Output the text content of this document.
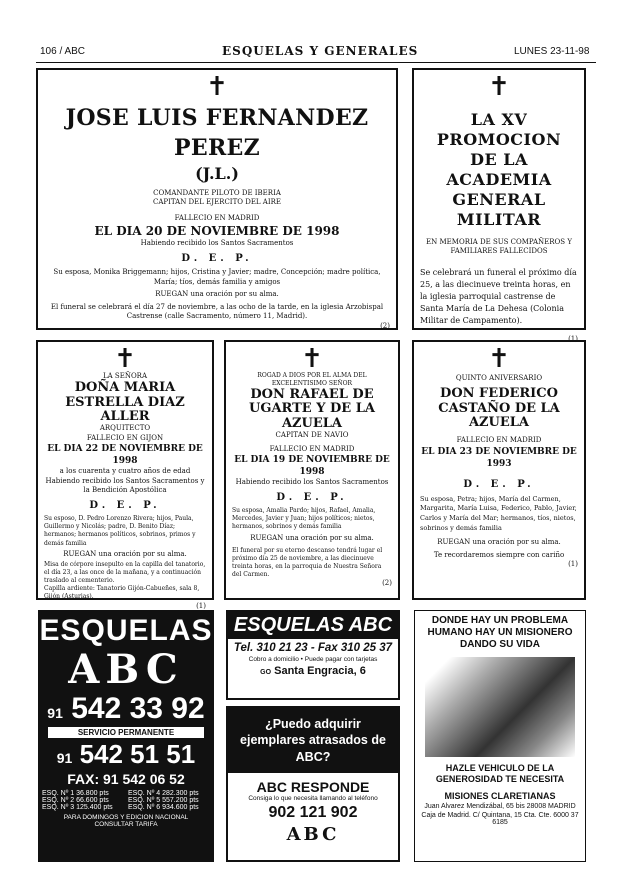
106 / ABC	ESQUELAS Y GENERALES	LUNES 23-11-98
✝
JOSE LUIS FERNANDEZ PEREZ
(J.L.)
COMANDANTE PILOTO DE IBERIA
CAPITAN DEL EJERCITO DEL AIRE
FALLECIO EN MADRID
EL DIA 20 DE NOVIEMBRE DE 1998
Habiendo recibido los Santos Sacramentos
D. E. P.
Su esposa, Monika Briggemann; hijos, Cristina y Javier; madre, Concepción; madre política, María; tíos, demás familia y amigos
RUEGAN una oración por su alma.
El funeral se celebrará el día 27 de noviembre, a las ocho de la tarde, en la iglesia Arzobispal Castrense (calle Sacramento, número 11, Madrid).
(2)
✝
LA XV PROMOCION
DE LA ACADEMIA
GENERAL MILITAR
EN MEMORIA DE SUS COMPAÑEROS Y FAMILIARES FALLECIDOS
Se celebrará un funeral el próximo día 25, a las diecinueve treinta horas, en la iglesia parroquial castrense de Santa María de La Dehesa (Colonia Militar de Campamento).
(1)
✝
LA SEÑORA
DOÑA MARIA ESTRELLA DIAZ ALLER
ARQUITECTO
FALLECIO EN GIJON
EL DIA 22 DE NOVIEMBRE DE 1998
a los cuarenta y cuatro años de edad
Habiendo recibido los Santos Sacramentos y la Bendición Apostólica
D. E. P.
Su esposo, D. Pedro Lorenzo Rivera; hijos, Paula, Guillermo y Nicolás; padre, D. Benito Díaz; hermanos; hermanos políticos, sobrinos, primos y demás familia
RUEGAN una oración por su alma.
Misa de córpore insepulto en la capilla del tanatorio, el día 23, a las once de la mañana, y a continuación traslado al cementerio.
Capilla ardiente: Tanatorio Gijón-Cabueñes, sala 8, Gijón (Asturias).
(1)
✝
ROGAD A DIOS POR EL ALMA DEL EXCELENTISIMO SEÑOR
DON RAFAEL DE UGARTE Y DE LA AZUELA
CAPITAN DE NAVIO
FALLECIO EN MADRID
EL DIA 19 DE NOVIEMBRE DE 1998
Habiendo recibido los Santos Sacramentos
D. E. P.
Su esposa, Amalia Pardo; hijos, Rafael, Amalia, Mercedes, Javier y Juan; hijos políticos; nietos, hermanos, sobrinos y demás familia
RUEGAN una oración por su alma.
El funeral por su eterno descanso tendrá lugar el próximo día 25 de noviembre, a las diecinueve treinta horas, en la parroquia de Nuestra Señora del Carmen.
(2)
✝
QUINTO ANIVERSARIO
DON FEDERICO CASTAÑO DE LA AZUELA
FALLECIO EN MADRID
EL DIA 23 DE NOVIEMBRE DE 1993
D. E. P.
Su esposa, Petra; hijos, María del Carmen, Margarita, María Luisa, Federico, Pablo, Javier, Carlos y María del Mar; hermanos, tíos, nietos, sobrinos y demás familia
RUEGAN una oración por su alma.
Te recordaremos siempre con cariño
(1)
ESQUELAS
ABC
91 542 33 92
SERVICIO PERMANENTE
91 542 51 51
FAX: 91 542 06 52
ESQ. Nº 1 36.800 pts	ESQ. Nº 4 282.300 pts
ESQ. Nº 2 66.600 pts	ESQ. Nº 5 557.200 pts
ESQ. Nº 3 125.400 pts	ESQ. Nº 6 934.600 pts
PARA DOMINGOS Y EDICION NACIONAL CONSULTAR TARIFA
ESQUELAS ABC
Tel. 310 21 23 - Fax 310 25 37
Cobro a domicilio • Puede pagar con tarjetas
GO Santa Engracia, 6
¿Puedo adquirir ejemplares atrasados de ABC?
ABC RESPONDE
Consiga lo que necesita llamando al teléfono
902 121 902
ABC
DONDE HAY UN PROBLEMA HUMANO HAY UN MISIONERO DANDO SU VIDA
HAZLE VEHICULO DE LA GENEROSIDAD TE NECESITA
MISIONES CLARETIANAS
Juan Alvarez Mendizábal, 65 bis 28008 MADRID
Caja de Madrid. C/ Quintana, 15 Cta. Cte. 6000 37 6185
